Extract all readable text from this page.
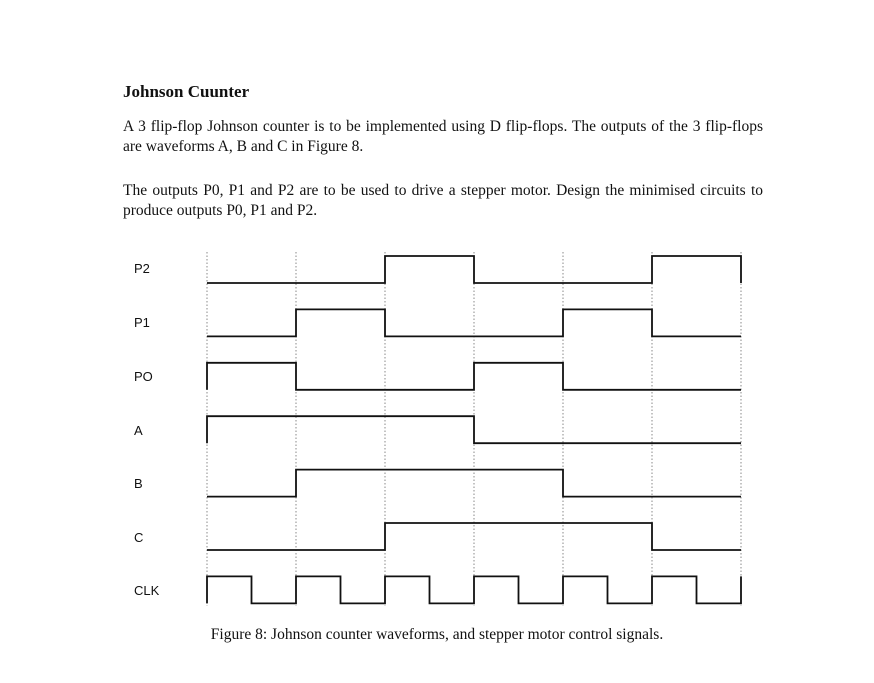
Johnson Cuunter

A 3 flip-flop Johnson counter is to be implemented using D flip-flops. The outputs of the 3 flip-flops are waveforms A, B and C in Figure 8.

The outputs P0, P1 and P2 are to be used to drive a stepper motor. Design the minimised circuits to produce outputs P0, P1 and P2.

P2
P1
PO
A
B
C
CLK

Figure 8: Johnson counter waveforms, and stepper motor control signals.
